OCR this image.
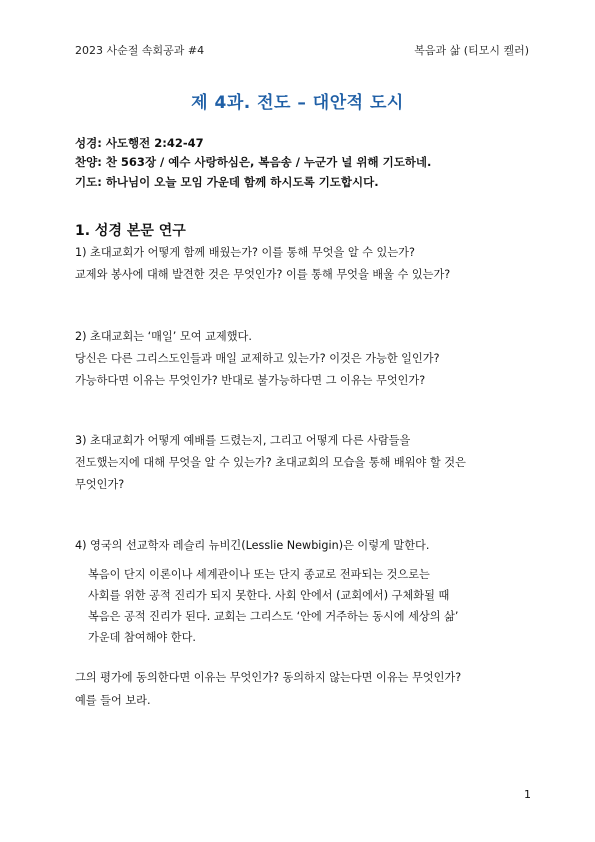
2023 사순절 속회공과 #4	복음과 삶 (티모시 켈러)
제 4과. 전도 – 대안적 도시
성경: 사도행전 2:42-47
찬양: 찬 563장 / 예수 사랑하심은, 복음송 / 누군가 널 위해 기도하네.
기도: 하나님이 오늘 모임 가운데 함께 하시도록 기도합시다.
1. 성경 본문 연구
1) 초대교회가 어떻게 함께 배웠는가? 이를 통해 무엇을 알 수 있는가?
교제와 봉사에 대해 발견한 것은 무엇인가? 이를 통해 무엇을 배울 수 있는가?
2) 초대교회는 ‘매일’ 모여 교제했다.
당신은 다른 그리스도인들과 매일 교제하고 있는가? 이것은 가능한 일인가?
가능하다면 이유는 무엇인가? 반대로 불가능하다면 그 이유는 무엇인가?
3) 초대교회가 어떻게 예배를 드렸는지, 그리고 어떻게 다른 사람들을
전도했는지에 대해 무엇을 알 수 있는가? 초대교회의 모습을 통해 배워야 할 것은
무엇인가?
4) 영국의 선교학자 레슬리 뉴비긴(Lesslie Newbigin)은 이렇게 말한다.
복음이 단지 이론이나 세계관이나 또는 단지 종교로 전파되는 것으로는
사회를 위한 공적 진리가 되지 못한다. 사회 안에서 (교회에서) 구체화될 때
복음은 공적 진리가 된다. 교회는 그리스도 ‘안에 거주하는 동시에 세상의 삶’
가운데 참여해야 한다.
그의 평가에 동의한다면 이유는 무엇인가? 동의하지 않는다면 이유는 무엇인가?
예를 들어 보라.
1
